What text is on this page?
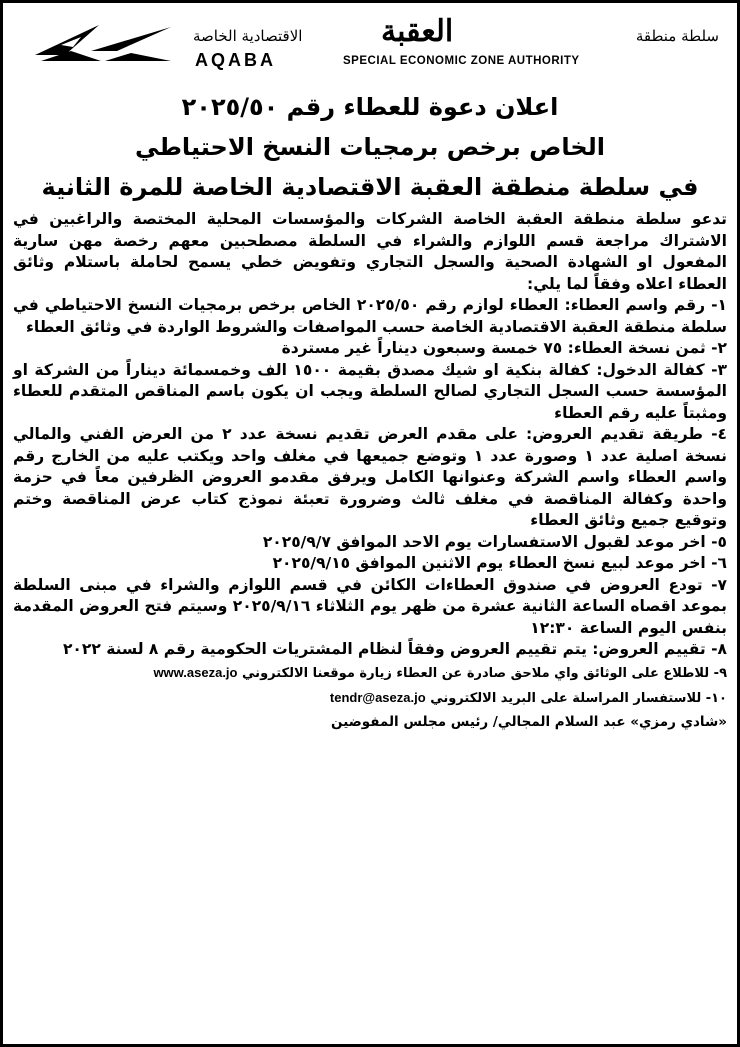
الاقتصادية الخاصة	العقبة	سلطة منطقة
AQABA	SPECIAL ECONOMIC ZONE AUTHORITY
اعلان دعوة للعطاء رقم ٢٠٢٥/٥٠
الخاص برخص برمجيات النسخ الاحتياطي
في سلطة منطقة العقبة الاقتصادية الخاصة للمرة الثانية

تدعو سلطة منطقة العقبة الخاصة الشركات والمؤسسات المحلية المختصة والراغبين في الاشتراك مراجعة قسم اللوازم والشراء في السلطة مصطحبين معهم رخصة مهن سارية المفعول او الشهادة الصحية والسجل التجاري وتفويض خطي يسمح لحاملة باستلام وثائق العطاء اعلاه وفقاً لما يلي:

١- رقم واسم العطاء: العطاء لوازم رقم ٢٠٢٥/٥٠ الخاص برخص برمجيات النسخ الاحتياطي في سلطة منطقة العقبة الاقتصادية الخاصة حسب المواصفات والشروط الواردة في وثائق العطاء

٢- ثمن نسخة العطاء: ٧٥ خمسة وسبعون ديناراً غير مستردة

٣- كفالة الدخول: كفالة بنكية او شيك مصدق بقيمة ١٥٠٠ الف وخمسمائة ديناراً من الشركة او المؤسسة حسب السجل التجاري لصالح السلطة ويجب ان يكون باسم المناقص المتقدم للعطاء ومثبتاً عليه رقم العطاء

٤- طريقة تقديم العروض: على مقدم العرض تقديم نسخة عدد ٢ من العرض الفني والمالي نسخة اصلية عدد ١ وصورة عدد ١ وتوضع جميعها في مغلف واحد ويكتب عليه من الخارج رقم واسم العطاء واسم الشركة وعنوانها الكامل ويرفق مقدمو العروض الظرفين معاً في حزمة واحدة وكفالة المناقصة في مغلف ثالث وضرورة تعبئة نموذج كتاب عرض المناقصة وختم وتوقيع جميع وثائق العطاء

٥- اخر موعد لقبول الاستفسارات يوم الاحد الموافق ٢٠٢٥/٩/٧

٦- اخر موعد لبيع نسخ العطاء يوم الاثنين الموافق ٢٠٢٥/٩/١٥

٧- تودع العروض في صندوق العطاءات الكائن في قسم اللوازم والشراء في مبنى السلطة بموعد اقصاه الساعة الثانية عشرة من ظهر يوم الثلاثاء ٢٠٢٥/٩/١٦ وسيتم فتح العروض المقدمة بنفس اليوم الساعة ١٢:٣٠

٨- تقييم العروض: يتم تقييم العروض وفقاً لنظام المشتريات الحكومية رقم ٨ لسنة ٢٠٢٢

٩- للاطلاع على الوثائق واي ملاحق صادرة عن العطاء زيارة موقعنا الالكتروني www.aseza.jo

١٠- للاستفسار المراسلة على البريد الالكتروني tendr@aseza.jo

«شادي رمزي» عبد السلام المجالي/ رئيس مجلس المفوضين
